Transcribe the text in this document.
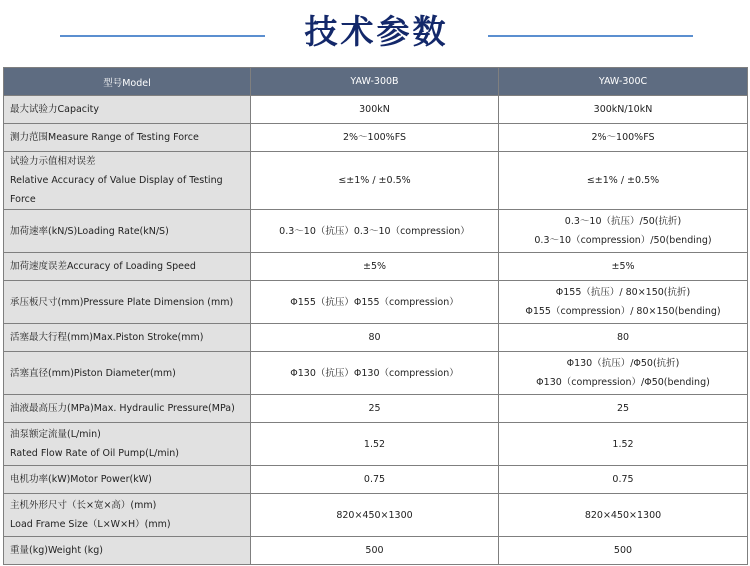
技术参数
型号Model	YAW-300B	YAW-300C
最大试验力Capacity	300kN	300kN/10kN
测力范围Measure Range of Testing Force	2%～100%FS	2%～100%FS

试验力示值相对误差
Relative Accuracy of Value Display of Testing Force	≤±1% / ±0.5%	≤±1% / ±0.5%
加荷速率(kN/S)Loading Rate(kN/S)	0.3～10（抗压）0.3～10（compression）	0.3～10（抗压）/50(抗折)
0.3～10（compression）/50(bending)

加荷速度误差Accuracy of Loading Speed	±5%	±5%
承压板尺寸(mm)Pressure Plate Dimension (mm)	Φ155（抗压）Φ155（compression）	Φ155（抗压）/ 80×150(抗折)
Φ155（compression）/ 80×150(bending)

活塞最大行程(mm)Max.Piston Stroke(mm)	80	80
活塞直径(mm)Piston Diameter(mm)	Φ130（抗压）Φ130（compression）	Φ130（抗压）/Φ50(抗折)
Φ130（compression）/Φ50(bending)

油液最高压力(MPa)Max. Hydraulic Pressure(MPa)	25	25

油泵额定流量(L/min)
Rated Flow Rate of Oil Pump(L/min)	1.52	1.52
电机功率(kW)Motor Power(kW)	0.75	0.75

主机外形尺寸（长×宽×高）(mm)
Load Frame Size（L×W×H）(mm)	820×450×1300	820×450×1300
重量(kg)Weight (kg)	500	500
